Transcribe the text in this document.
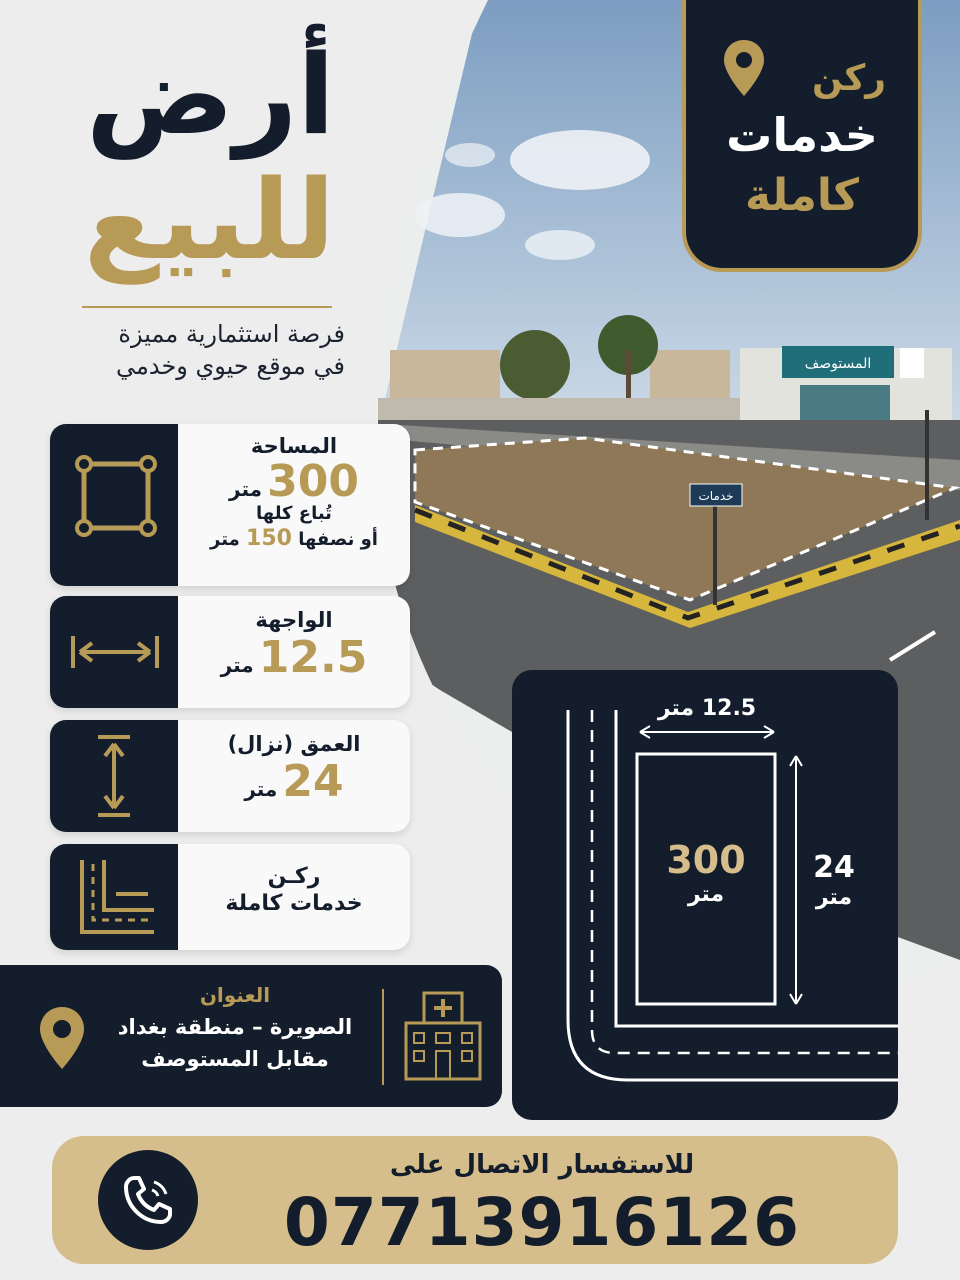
المستوصف
خدمات
أرض
للبيع
فرصة استثمارية مميزة
في موقع حيوي وخدمي
ركن
خدمات
كاملة
المساحة
300 متر
تُباع كلها
أو نصفها 150 متر
الواجهة
12.5 متر
العمق (نزال)
24 متر
ركـن
خدمات كاملة
العنوان
الصويرة – منطقة بغداد
مقابل المستوصف
12.5 متر
300
متر
24
متر
للاستفسار الاتصال على
07713916126
